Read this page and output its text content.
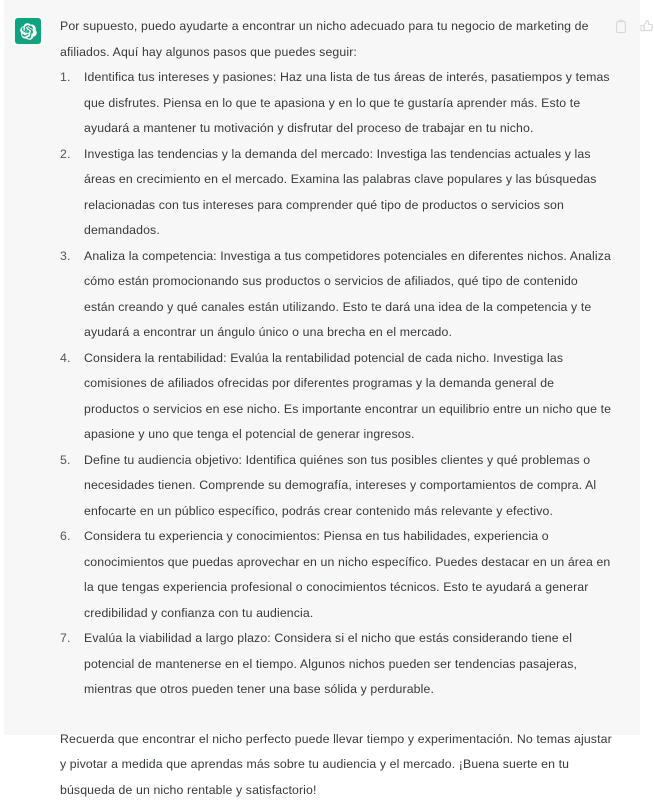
Por supuesto, puedo ayudarte a encontrar un nicho adecuado para tu negocio de marketing de afiliados. Aquí hay algunos pasos que puedes seguir:

Identifica tus intereses y pasiones: Haz una lista de tus áreas de interés, pasatiempos y temas que disfrutes. Piensa en lo que te apasiona y en lo que te gustaría aprender más. Esto te ayudará a mantener tu motivación y disfrutar del proceso de trabajar en tu nicho.
Investiga las tendencias y la demanda del mercado: Investiga las tendencias actuales y las áreas en crecimiento en el mercado. Examina las palabras clave populares y las búsquedas relacionadas con tus intereses para comprender qué tipo de productos o servicios son demandados.
Analiza la competencia: Investiga a tus competidores potenciales en diferentes nichos. Analiza cómo están promocionando sus productos o servicios de afiliados, qué tipo de contenido están creando y qué canales están utilizando. Esto te dará una idea de la competencia y te ayudará a encontrar un ángulo único o una brecha en el mercado.
Considera la rentabilidad: Evalúa la rentabilidad potencial de cada nicho. Investiga las comisiones de afiliados ofrecidas por diferentes programas y la demanda general de productos o servicios en ese nicho. Es importante encontrar un equilibrio entre un nicho que te apasione y uno que tenga el potencial de generar ingresos.
Define tu audiencia objetivo: Identifica quiénes son tus posibles clientes y qué problemas o necesidades tienen. Comprende su demografía, intereses y comportamientos de compra. Al enfocarte en un público específico, podrás crear contenido más relevante y efectivo.
Considera tu experiencia y conocimientos: Piensa en tus habilidades, experiencia o conocimientos que puedas aprovechar en un nicho específico. Puedes destacar en un área en la que tengas experiencia profesional o conocimientos técnicos. Esto te ayudará a generar credibilidad y confianza con tu audiencia.
Evalúa la viabilidad a largo plazo: Considera si el nicho que estás considerando tiene el potencial de mantenerse en el tiempo. Algunos nichos pueden ser tendencias pasajeras, mientras que otros pueden tener una base sólida y perdurable.

Recuerda que encontrar el nicho perfecto puede llevar tiempo y experimentación. No temas ajustar y pivotar a medida que aprendas más sobre tu audiencia y el mercado. ¡Buena suerte en tu búsqueda de un nicho rentable y satisfactorio!
